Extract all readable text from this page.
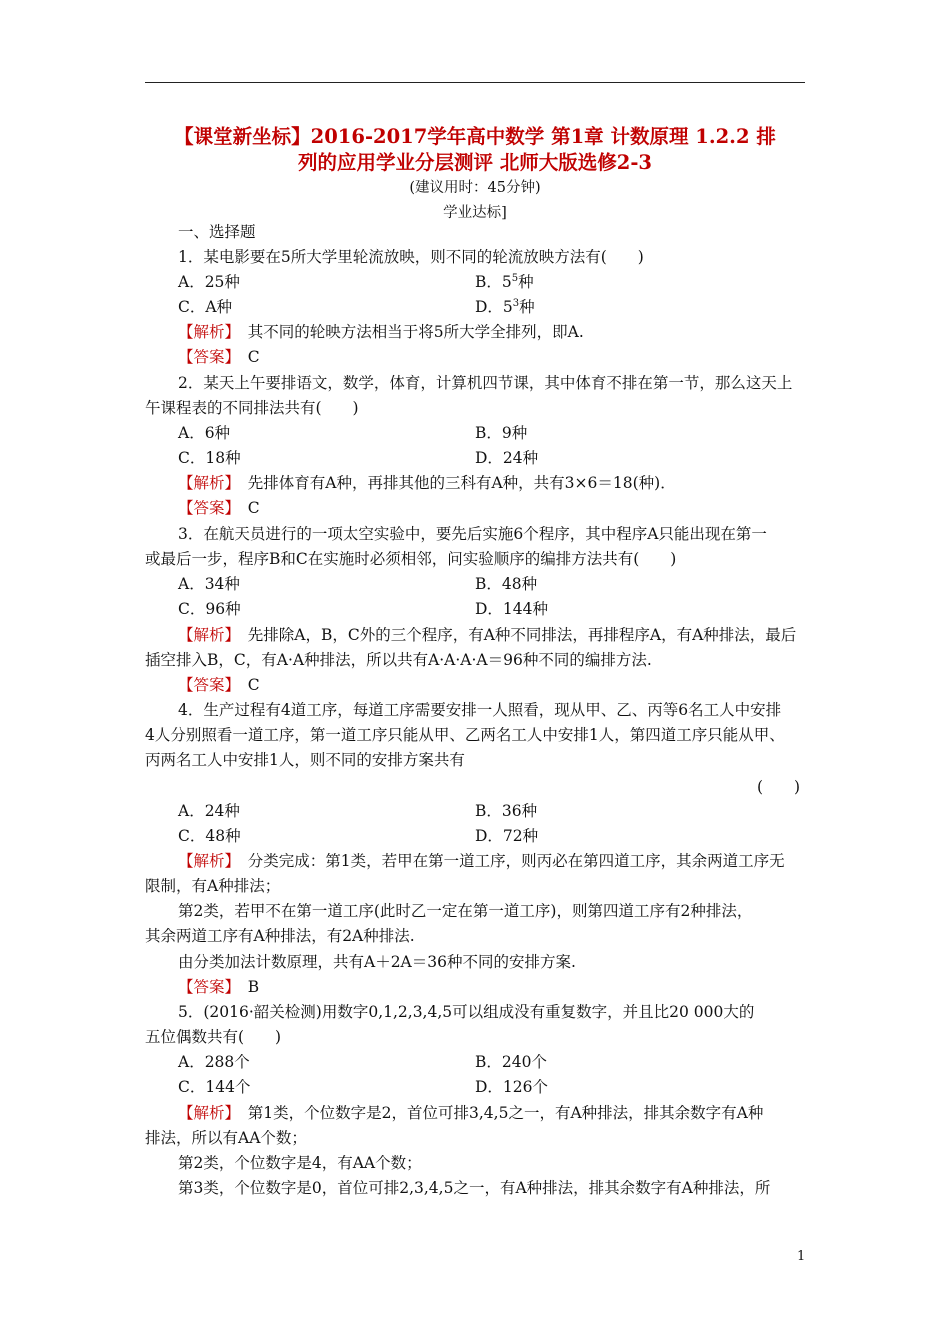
【课堂新坐标】2016-2017学年高中数学 第1章 计数原理 1.2.2 排
列的应用学业分层测评 北师大版选修2-3
(建议用时：45分钟)
学业达标]
一、选择题
1．某电影要在5所大学里轮流放映，则不同的轮流放映方法有(　　)
A．25种	B．$5^5$种
C．A种	D．$5^3$种
【解析】　 其不同的轮映方法相当于将5所大学全排列，即A.
【答案】　 C
2．某天上午要排语文，数学，体育，计算机四节课，其中体育不排在第一节，那么这天上
午课程表的不同排法共有(　　)
A．6种	B．9种
C．18种	D．24种
【解析】　 先排体育有A种，再排其他的三科有A种，共有3×6＝18(种)．
【答案】　 C
3．在航天员进行的一项太空实验中，要先后实施6个程序，其中程序A只能出现在第一
或最后一步，程序B和C在实施时必须相邻，问实验顺序的编排方法共有(　　)
A．34种	B．48种
C．96种	D．144种
【解析】　 先排除A，B，C外的三个程序，有A种不同排法，再排程序A，有A种排法，最后
插空排入B，C，有A·A种排法，所以共有A·A·A·A＝96种不同的编排方法.
【答案】　 C
4．生产过程有4道工序，每道工序需要安排一人照看，现从甲、乙、丙等6名工人中安排
4人分别照看一道工序，第一道工序只能从甲、乙两名工人中安排1人，第四道工序只能从甲、
丙两名工人中安排1人，则不同的安排方案共有
(　　)
A．24种	B．36种
C．48种	D．72种
【解析】　 分类完成：第1类，若甲在第一道工序，则丙必在第四道工序，其余两道工序无
限制，有A种排法；
第2类，若甲不在第一道工序(此时乙一定在第一道工序)，则第四道工序有2种排法，
其余两道工序有A种排法，有2A种排法.
由分类加法计数原理，共有A＋2A＝36种不同的安排方案.
【答案】　 B
5．(2016·韶关检测)用数字0,1,2,3,4,5可以组成没有重复数字，并且比20 000大的
五位偶数共有(　　)
A．288个	B．240个
C．144个	D．126个
【解析】　 第1类，个位数字是2，首位可排3,4,5之一，有A种排法，排其余数字有A种
排法，所以有AA个数；
第2类，个位数字是4，有AA个数；
第3类，个位数字是0，首位可排2,3,4,5之一，有A种排法，排其余数字有A种排法，所
1
